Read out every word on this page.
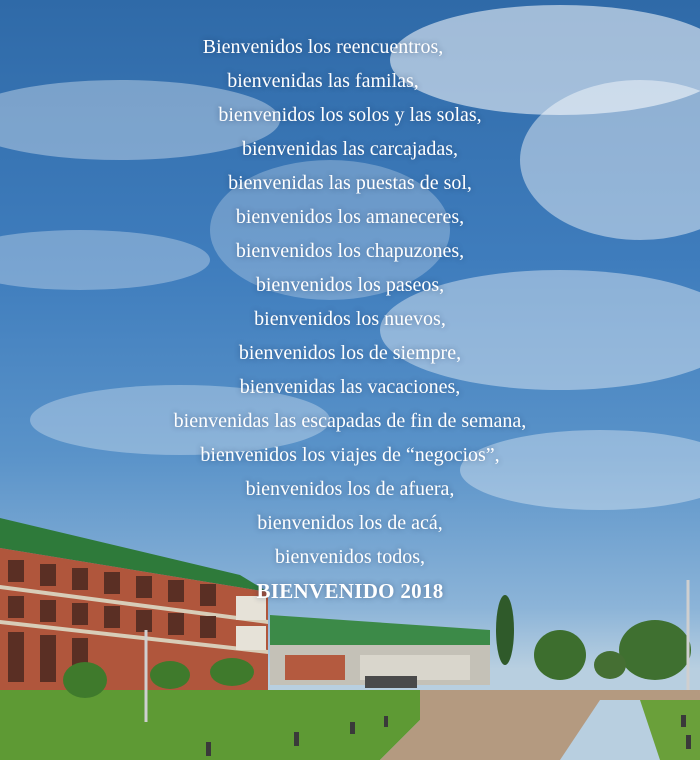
Bienvenidos los reencuentros,
bienvenidas las familas,
bienvenidos los solos y las solas,
bienvenidas las carcajadas,
bienvenidas las puestas de sol,
bienvenidos los amaneceres,
bienvenidos los chapuzones,
bienvenidos los paseos,
bienvenidos los nuevos,
bienvenidos los de siempre,
bienvenidas las vacaciones,
bienvenidas las escapadas de fin de semana,
bienvenidos los viajes de “negocios”,
bienvenidos los de afuera,
bienvenidos los de acá,
bienvenidos todos,
BIENVENIDO 2018
